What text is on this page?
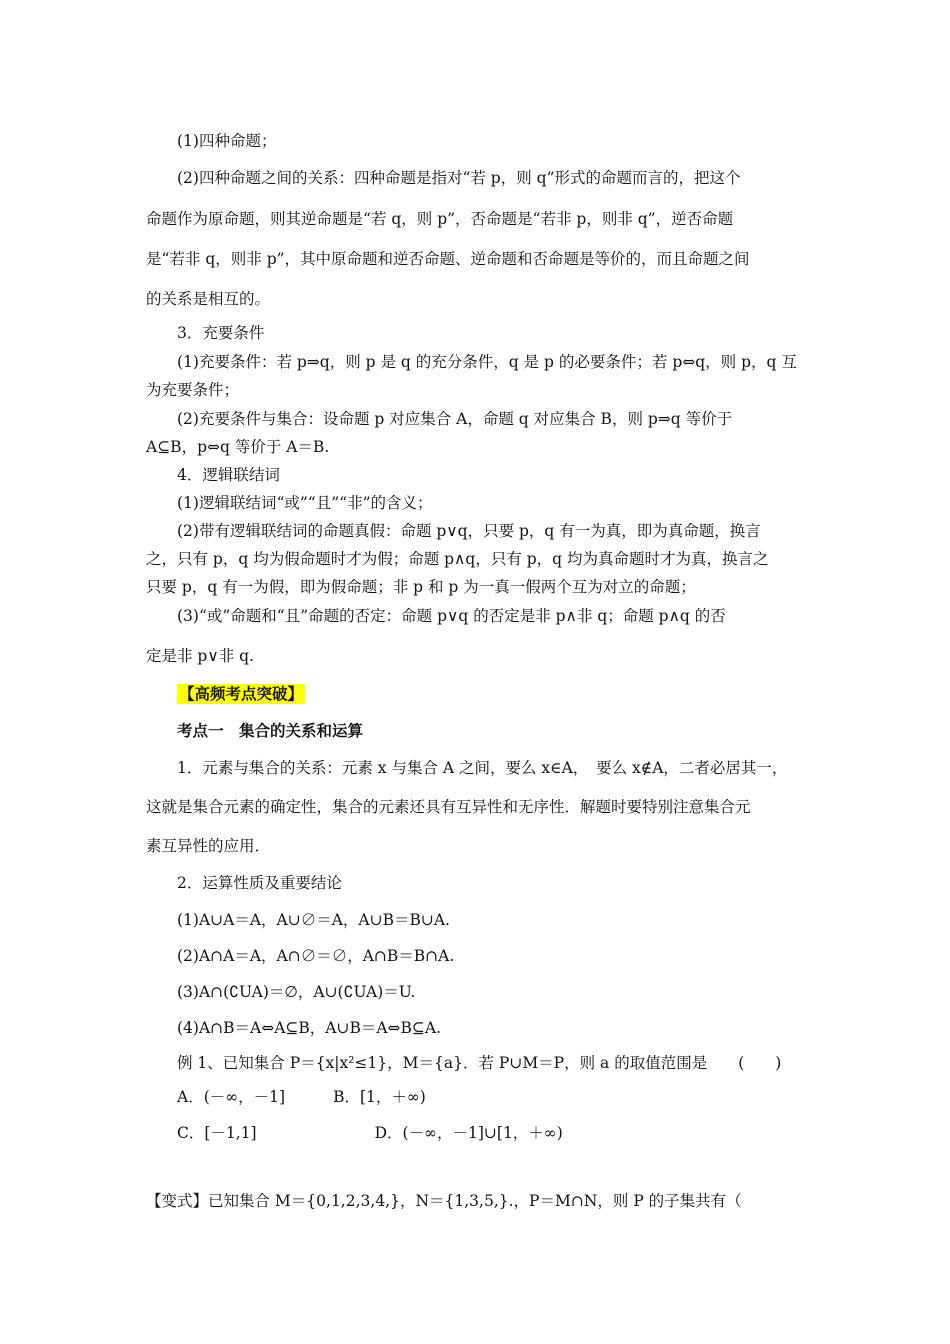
(1)四种命题；
(2)四种命题之间的关系：四种命题是指对“若 p，则 q”形式的命题而言的，把这个
命题作为原命题，则其逆命题是“若 q，则 p”，否命题是“若非 p，则非 q”，逆否命题
是“若非 q，则非 p”，其中原命题和逆否命题、逆命题和否命题是等价的，而且命题之间
的关系是相互的。
3．充要条件
(1)充要条件：若 p⇒q，则 p 是 q 的充分条件，q 是 p 的必要条件；若 p⇔q，则 p，q 互
为充要条件；
(2)充要条件与集合：设命题 p 对应集合 A，命题 q 对应集合 B，则 p⇒q 等价于
A⊆B，p⇔q 等价于 A＝B.
4．逻辑联结词
(1)逻辑联结词“或”“且”“非”的含义；
(2)带有逻辑联结词的命题真假：命题 p∨q，只要 p，q 有一为真，即为真命题，换言
之，只有 p，q 均为假命题时才为假；命题 p∧q，只有 p，q 均为真命题时才为真，换言之
只要 p，q 有一为假，即为假命题；非 p 和 p 为一真一假两个互为对立的命题；
(3)“或”命题和“且”命题的否定：命题 p∨q 的否定是非 p∧非 q；命题 p∧q 的否
定是非 p∨非 q.
【高频考点突破】
考点一　集合的关系和运算
1．元素与集合的关系：元素 x 与集合 A 之间，要么 x∈A，　要么 x∉A，二者必居其一，
这就是集合元素的确定性，集合的元素还具有互异性和无序性．解题时要特别注意集合元
素互异性的应用．
2．运算性质及重要结论
(1)A∪A＝A，A∪∅＝A，A∪B＝B∪A.
(2)A∩A＝A，A∩∅＝∅，A∩B＝B∩A.
(3)A∩(∁UA)＝∅，A∪(∁UA)＝U.
(4)A∩B＝A⇔A⊆B，A∪B＝A⇔B⊆A.
例 1、已知集合 P＝{x|x²≤1}，M＝{a}．若 P∪M＝P，则 a 的取值范围是　　(　　)
A．(－∞，－1]	B．[1，＋∞)
C．[－1,1]	D．(－∞，－1]∪[1，＋∞)
【变式】已知集合 M＝{0,1,2,3,4,}，N＝{1,3,5,}.，P＝M∩N，则 P 的子集共有（
